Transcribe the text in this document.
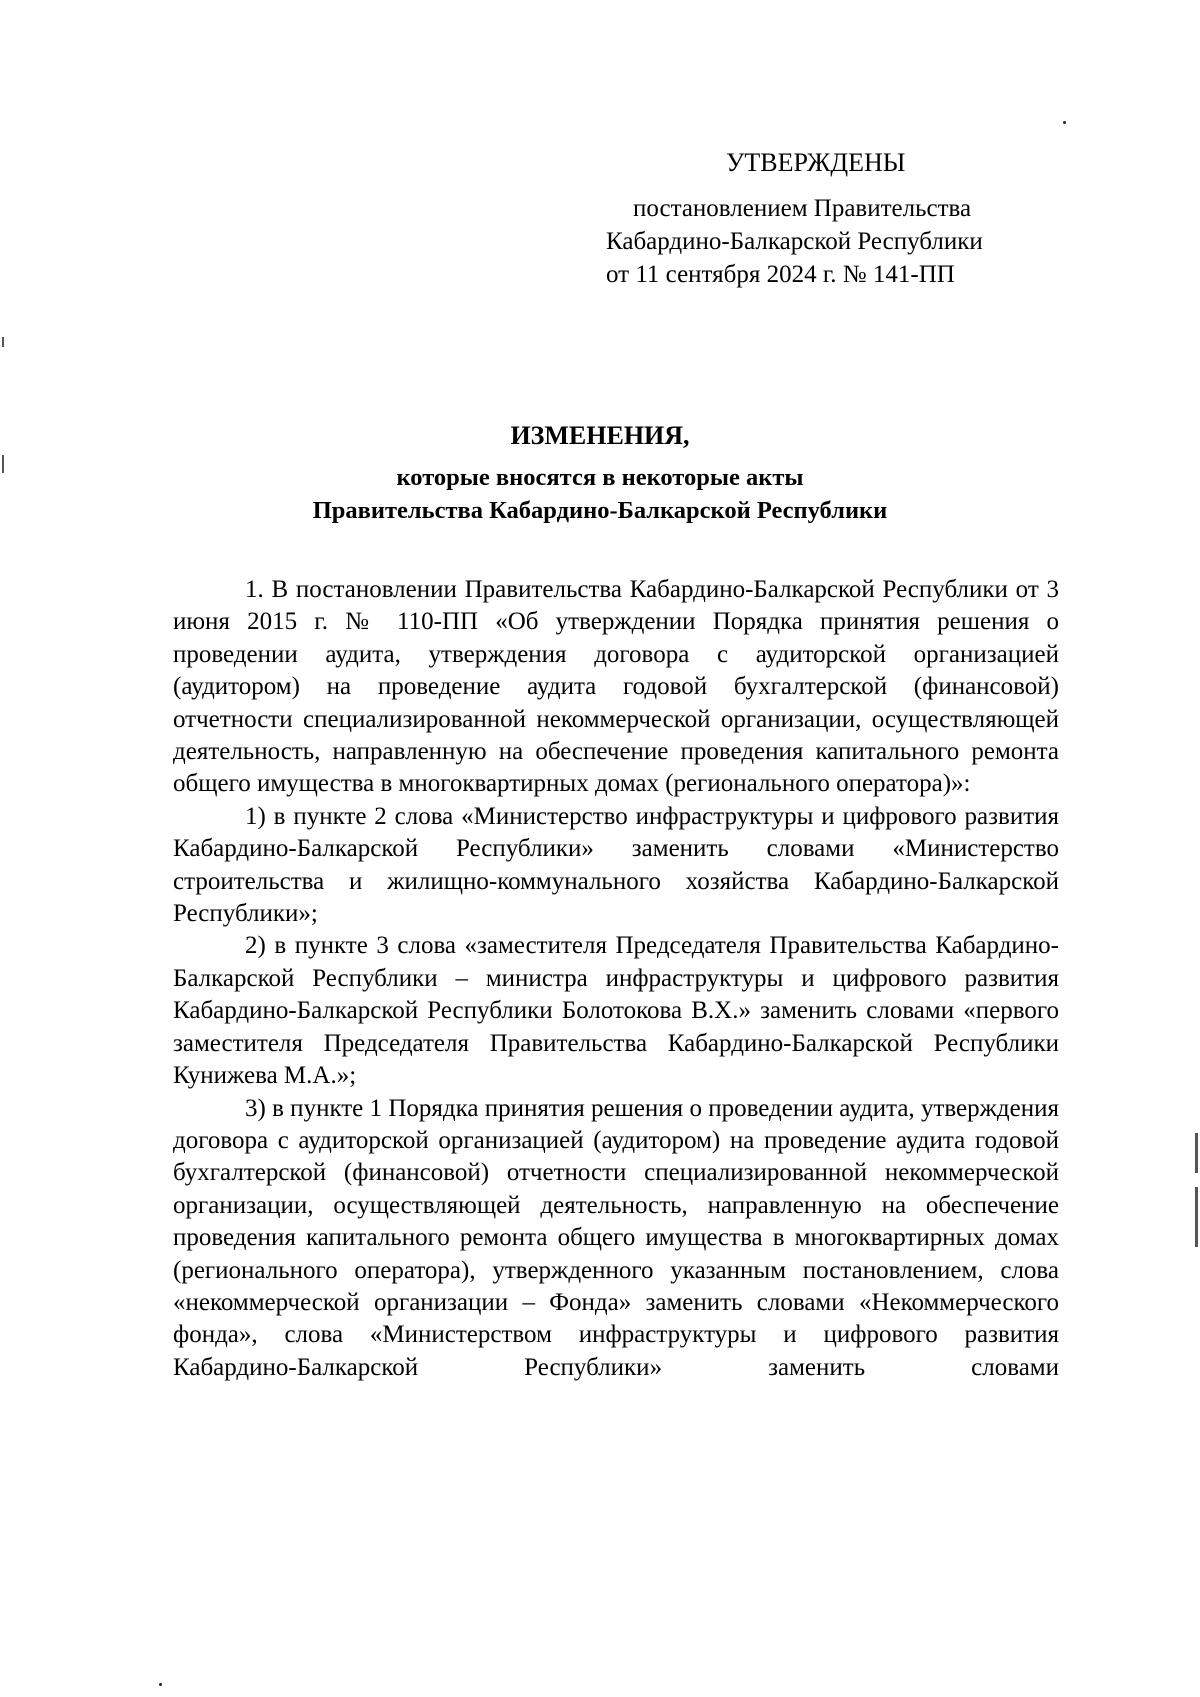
УТВЕРЖДЕНЫ
постановлением Правительства
Кабардино-Балкарской Республики
от 11 сентября 2024 г. № 141-ПП
ИЗМЕНЕНИЯ,
которые вносятся в некоторые акты
Правительства Кабардино-Балкарской Республики

1. В постановлении Правительства Кабардино-Балкарской Республики от 3 июня 2015 г. № 110-ПП «Об утверждении Порядка принятия решения о проведении аудита, утверждения договора с аудиторской организацией (аудитором) на проведение аудита годовой бухгалтерской (финансовой) отчетности специализированной некоммерческой организации, осуществляющей деятельность, направленную на обеспечение проведения капитального ремонта общего имущества в многоквартирных домах (регионального оператора)»:

1) в пункте 2 слова «Министерство инфраструктуры и цифрового развития Кабардино-Балкарской Республики» заменить словами «Министерство строительства и жилищно-коммунального хозяйства Кабардино-Балкарской Республики»;

2) в пункте 3 слова «заместителя Председателя Правительства Кабардино-Балкарской Республики – министра инфраструктуры и цифрового развития Кабардино-Балкарской Республики Болотокова В.Х.» заменить словами «первого заместителя Председателя Правительства Кабардино-Балкарской Республики Кунижева М.А.»;

3) в пункте 1 Порядка принятия решения о проведении аудита, утверждения договора с аудиторской организацией (аудитором) на проведение аудита годовой бухгалтерской (финансовой) отчетности специализированной некоммерческой организации, осуществляющей деятельность, направленную на обеспечение проведения капитального ремонта общего имущества в многоквартирных домах (регионального оператора), утвержденного указанным постановлением, слова «некоммерческой организации – Фонда» заменить словами «Некоммерческого фонда», слова «Министерством инфраструктуры и цифрового развития Кабардино-Балкарской Республики» заменить словами
